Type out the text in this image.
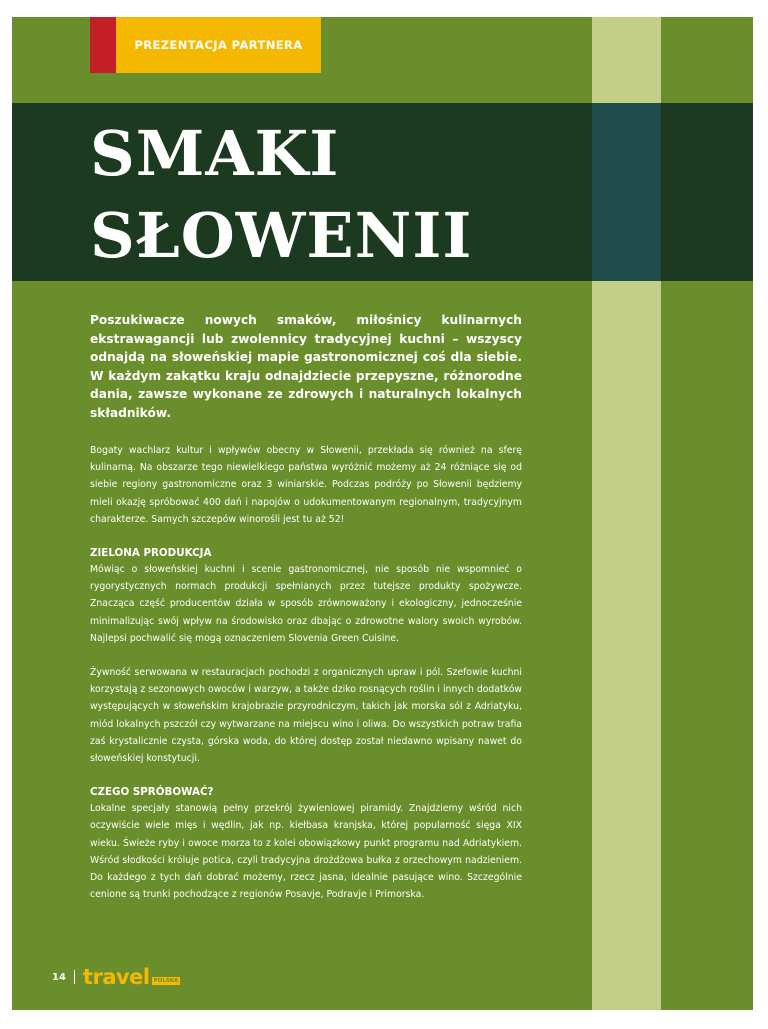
PREZENTACJA PARTNERA
SMAKI
SŁOWENII

Poszukiwacze nowych smaków, miłośnicy kulinarnych ekstrawagancji lub zwolennicy tradycyjnej kuchni – wszyscy odnajdą na słoweńskiej mapie gastronomicznej coś dla siebie. W każdym zakątku kraju odnajdziecie przepyszne, różnorodne dania, zawsze wykonane ze zdrowych i naturalnych lokalnych składników.

Bogaty wachlarz kultur i wpływów obecny w Słowenii, przekłada się również na sferę kulinarną. Na obszarze tego niewielkiego państwa wyróżnić możemy aż 24 różniące się od siebie regiony gastronomiczne oraz 3 winiarskie. Podczas podróży po Słowenii będziemy mieli okazję spróbować 400 dań i napojów o udokumentowanym regionalnym, tradycyjnym charakterze. Samych szczepów winorośli jest tu aż 52!

ZIELONA PRODUKCJA

Mówiąc o słoweńskiej kuchni i scenie gastronomicznej, nie sposób nie wspomnieć o rygorystycznych normach produkcji spełnianych przez tutejsze produkty spożywcze. Znacząca część producentów działa w sposób zrównoważony i ekologiczny, jednocześnie minimalizując swój wpływ na środowisko oraz dbając o zdrowotne walory swoich wyrobów. Najlepsi pochwalić się mogą oznaczeniem Slovenia Green Cuisine.

Żywność serwowana w restauracjach pochodzi z organicznych upraw i pól. Szefowie kuchni korzystają z sezonowych owoców i warzyw, a także dziko rosnących roślin i innych dodatków występujących w słoweńskim krajobrazie przyrodniczym, takich jak morska sól z Adriatyku, miód lokalnych pszczół czy wytwarzane na miejscu wino i oliwa. Do wszystkich potraw trafia zaś krystalicznie czysta, górska woda, do której dostęp został niedawno wpisany nawet do słoweńskiej konstytucji.

CZEGO SPRÓBOWAĆ?

Lokalne specjały stanowią pełny przekrój żywieniowej piramidy. Znajdziemy wśród nich oczywiście wiele mięs i wędlin, jak np. kiełbasa kranjska, której popularność sięga XIX wieku. Świeże ryby i owoce morza to z kolei obowiązkowy punkt programu nad Adriatykiem. Wśród słodkości króluje potica, czyli tradycyjna drożdżowa bułka z orzechowym nadzieniem. Do każdego z tych dań dobrać możemy, rzecz jasna, idealnie pasujące wino. Szczególnie cenione są trunki pochodzące z regionów Posavje, Podravje i Primorska.

14 travel POLSKA
